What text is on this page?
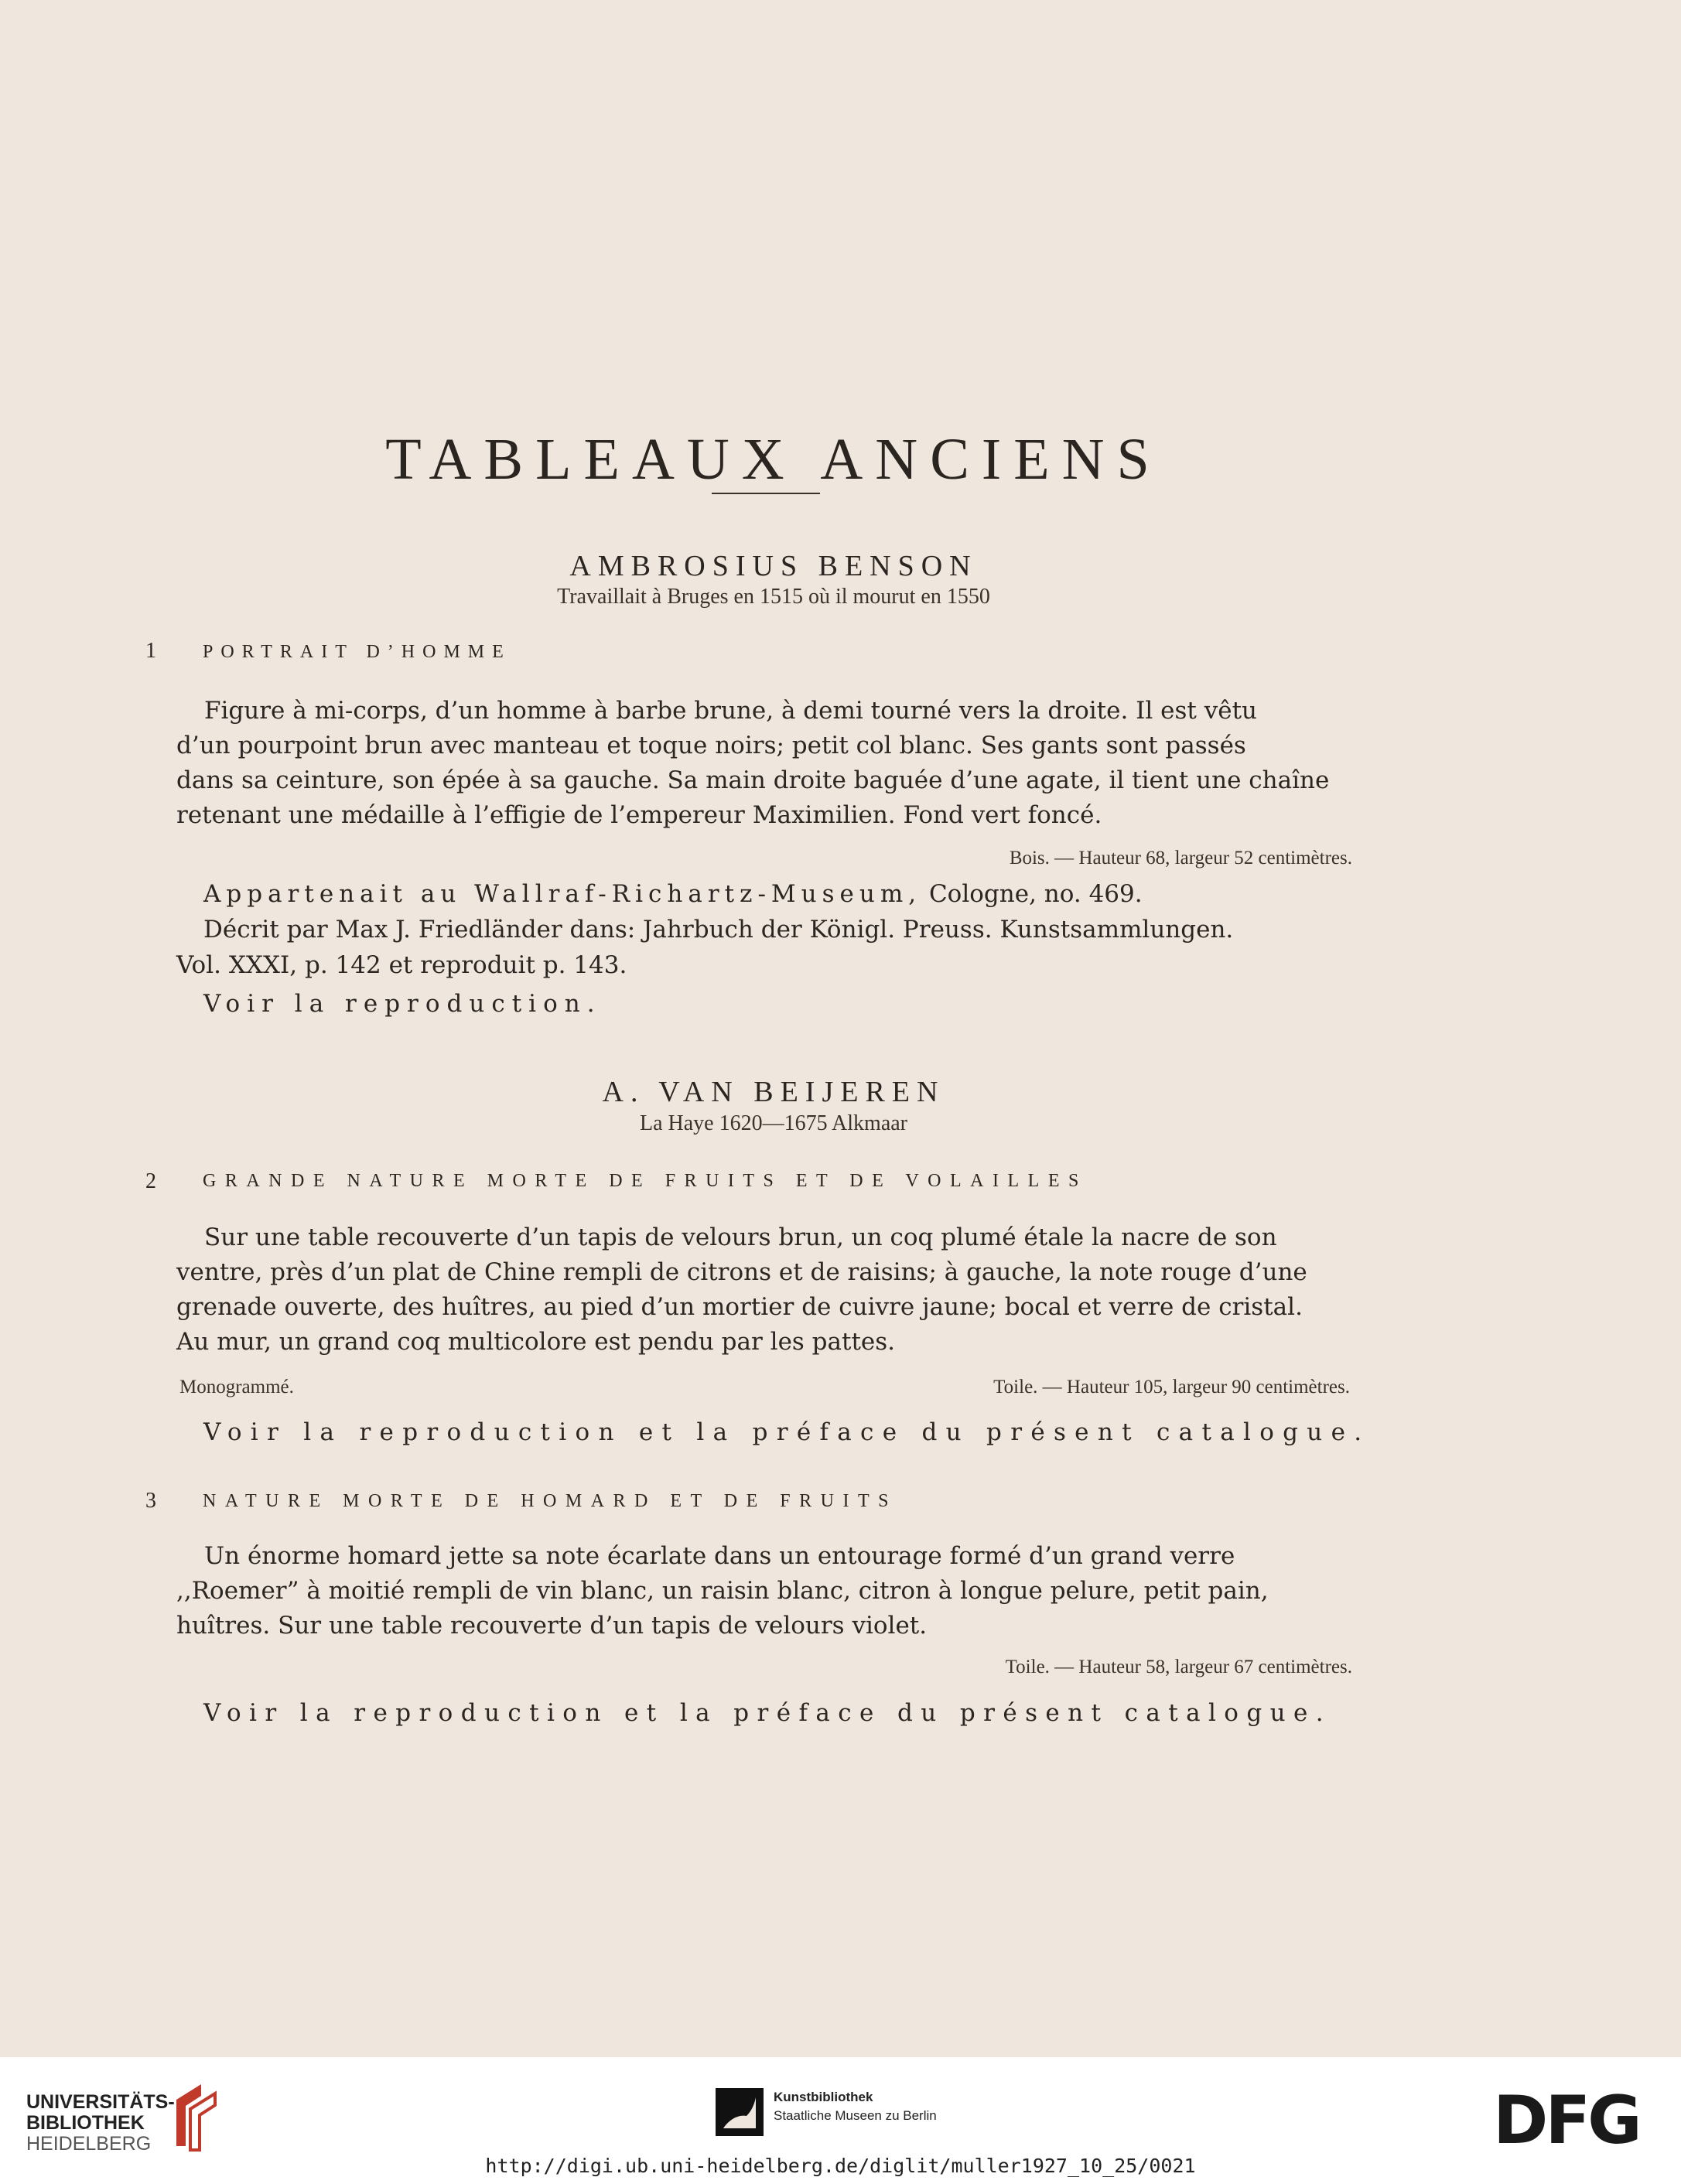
TABLEAUX ANCIENS
AMBROSIUS BENSON
Travaillait à Bruges en 1515 où il mourut en 1550
1	PORTRAIT D’HOMME
Figure à mi-corps, d’un homme à barbe brune, à demi tourné vers la droite. Il est vêtu
d’un pourpoint brun avec manteau et toque noirs; petit col blanc. Ses gants sont passés
dans sa ceinture, son épée à sa gauche. Sa main droite baguée d’une agate, il tient une chaîne
retenant une médaille à l’effigie de l’empereur Maximilien. Fond vert foncé.
Bois. — Hauteur 68, largeur 52 centimètres.
Appartenait au Wallraf-Richartz-Museum, Cologne, no. 469.
Décrit par Max J. Friedländer dans: Jahrbuch der Königl. Preuss. Kunstsammlungen.
Vol. XXXI, p. 142 et reproduit p. 143.
Voir la reproduction.
A. VAN BEIJEREN
La Haye 1620—1675 Alkmaar
2	GRANDE NATURE MORTE DE FRUITS ET DE VOLAILLES
Sur une table recouverte d’un tapis de velours brun, un coq plumé étale la nacre de son
ventre, près d’un plat de Chine rempli de citrons et de raisins; à gauche, la note rouge d’une
grenade ouverte, des huîtres, au pied d’un mortier de cuivre jaune; bocal et verre de cristal.
Au mur, un grand coq multicolore est pendu par les pattes.
Monogrammé.	Toile. — Hauteur 105, largeur 90 centimètres.
Voir la reproduction et la préface du présent catalogue.
3	NATURE MORTE DE HOMARD ET DE FRUITS
Un énorme homard jette sa note écarlate dans un entourage formé d’un grand verre
,,Roemer” à moitié rempli de vin blanc, un raisin blanc, citron à longue pelure, petit pain,
huîtres. Sur une table recouverte d’un tapis de velours violet.
Toile. — Hauteur 58, largeur 67 centimètres.
Voir la reproduction et la préface du présent catalogue.
UNIVERSITÄTS-
BIBLIOTHEK
HEIDELBERG
Kunstbibliothek
Staatliche Museen zu Berlin	DFG
http://digi.ub.uni-heidelberg.de/diglit/muller1927_10_25/0021
